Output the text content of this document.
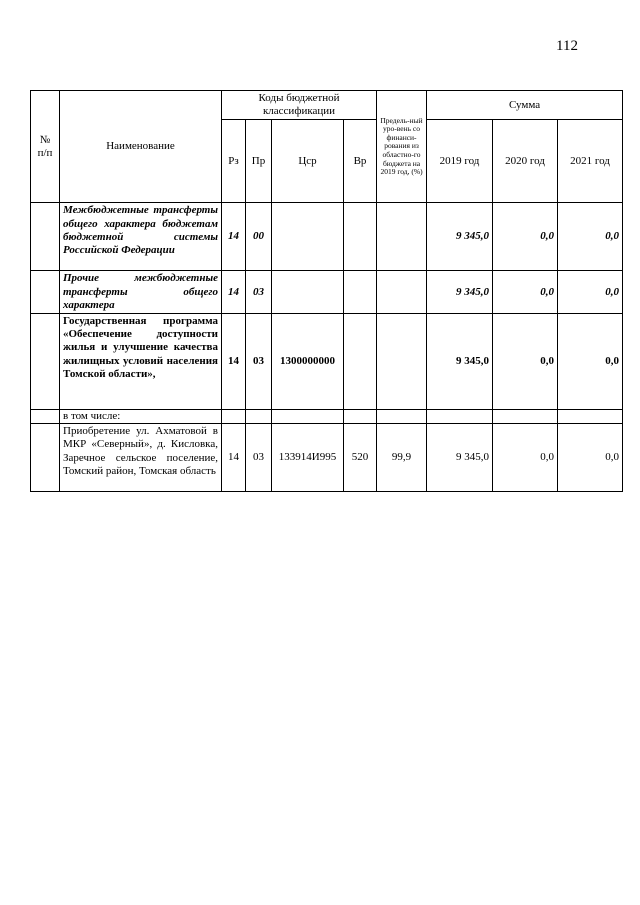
112
№ п/п	Наименование	Коды бюджетной классификации				Предель-ный уро-вень со финанси-рования из областно-го бюджета на 2019 год, (%)	Сумма		
		Рз	Пр	Цср	Вр		2019 год	2020 год	2021 год
	Межбюджетные трансферты общего характера бюджетам бюджетной системы Российской Федерации	14	00				9 345,0	0,0	0,0
	Прочие межбюджетные трансферты общего характера	14	03				9 345,0	0,0	0,0
	Государственная программа «Обеспечение доступности жилья и улучшение качества жилищных условий населения Томской области»,	14	03	1300000000			9 345,0	0,0	0,0
	в том числе:								
	Приобретение ул. Ахматовой в МКР «Северный», д. Кисловка, Заречное сельское поселение, Томский район, Томская область	14	03	133914И995	520	99,9	9 345,0	0,0	0,0
